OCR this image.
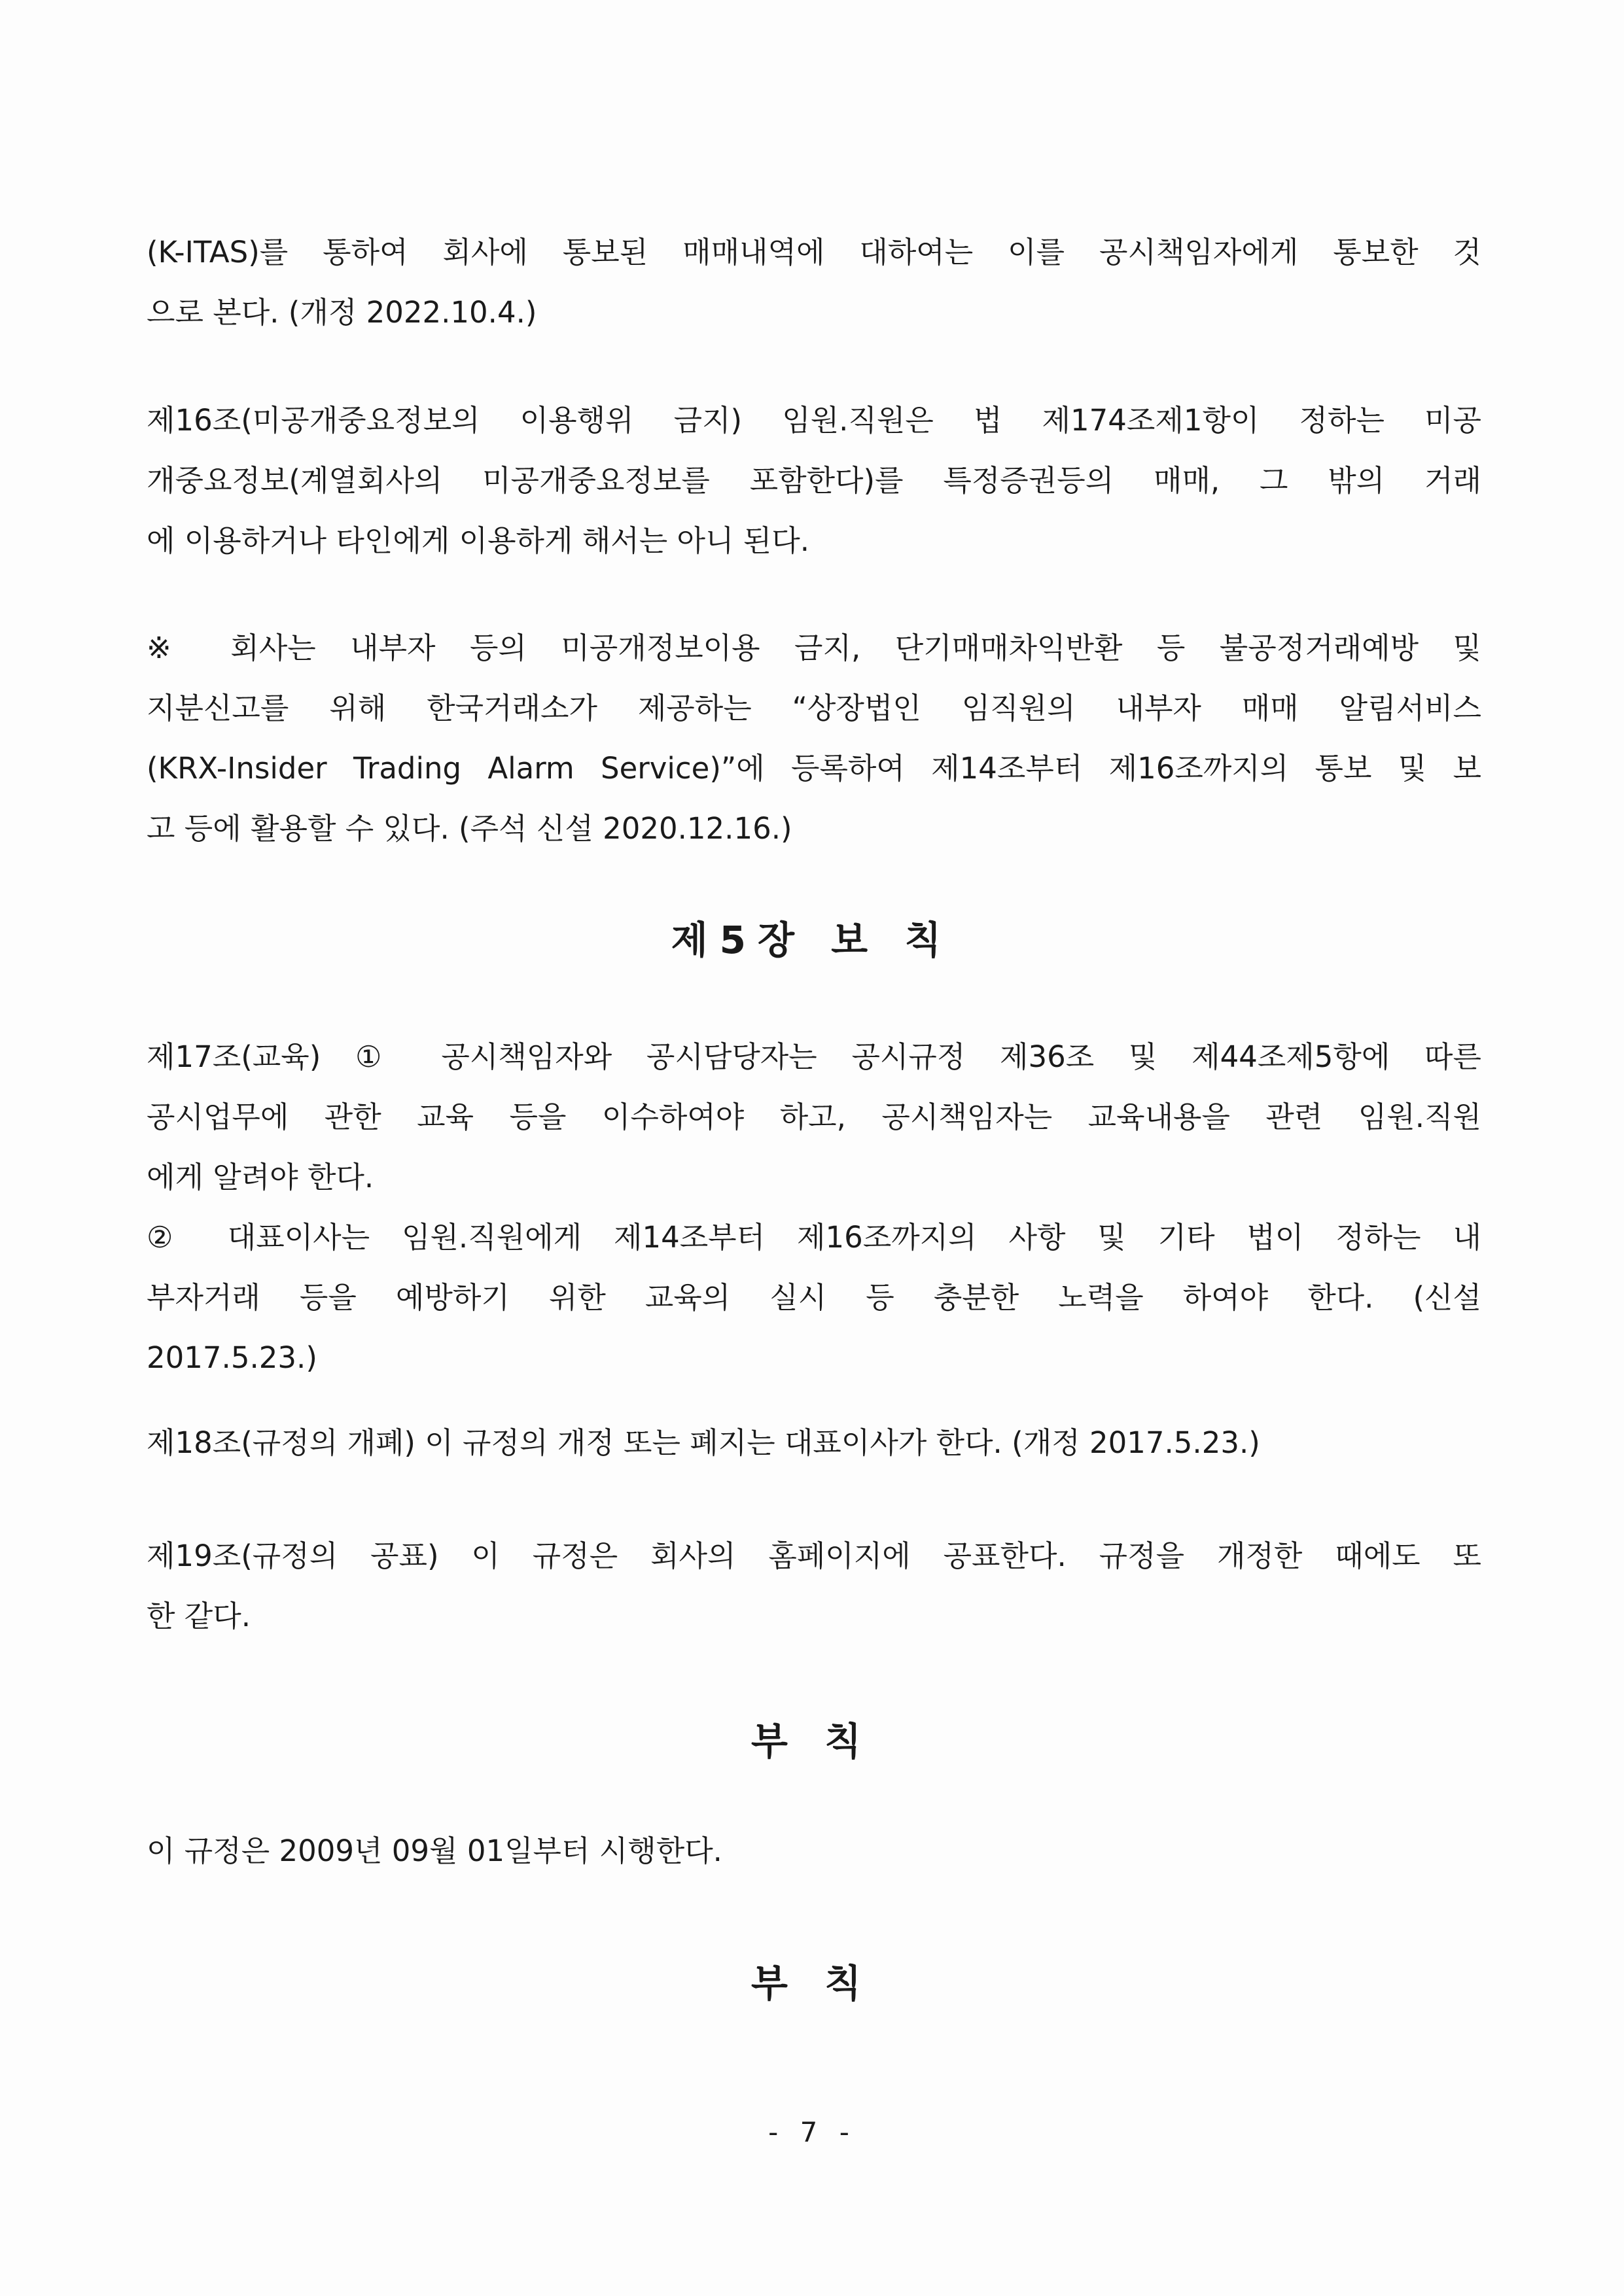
(K-ITAS)를 통하여 회사에 통보된 매매내역에 대하여는 이를 공시책임자에게 통보한 것
으로 본다. (개정 2022.10.4.)
제16조(미공개중요정보의 이용행위 금지) 임원.직원은 법 제174조제1항이 정하는 미공
개중요정보(계열회사의 미공개중요정보를 포함한다)를 특정증권등의 매매, 그 밖의 거래
에 이용하거나 타인에게 이용하게 해서는 아니 된다.
※ 회사는 내부자 등의 미공개정보이용 금지, 단기매매차익반환 등 불공정거래예방 및
지분신고를 위해 한국거래소가 제공하는 “상장법인 임직원의 내부자 매매 알림서비스
(KRX-Insider Trading Alarm Service)”에 등록하여 제14조부터 제16조까지의 통보 및 보
고 등에 활용할 수 있다. (주석 신설 2020.12.16.)
제5장 보 칙
제17조(교육) ① 공시책임자와 공시담당자는 공시규정 제36조 및 제44조제5항에 따른
공시업무에 관한 교육 등을 이수하여야 하고, 공시책임자는 교육내용을 관련 임원.직원
에게 알려야 한다.
② 대표이사는 임원.직원에게 제14조부터 제16조까지의 사항 및 기타 법이 정하는 내
부자거래 등을 예방하기 위한 교육의 실시 등 충분한 노력을 하여야 한다. (신설
2017.5.23.)
제18조(규정의 개폐) 이 규정의 개정 또는 폐지는 대표이사가 한다. (개정 2017.5.23.)
제19조(규정의 공표) 이 규정은 회사의 홈페이지에 공표한다. 규정을 개정한 때에도 또
한 같다.
부 칙
이 규정은 2009년 09월 01일부터 시행한다.
부 칙
- 7 -
